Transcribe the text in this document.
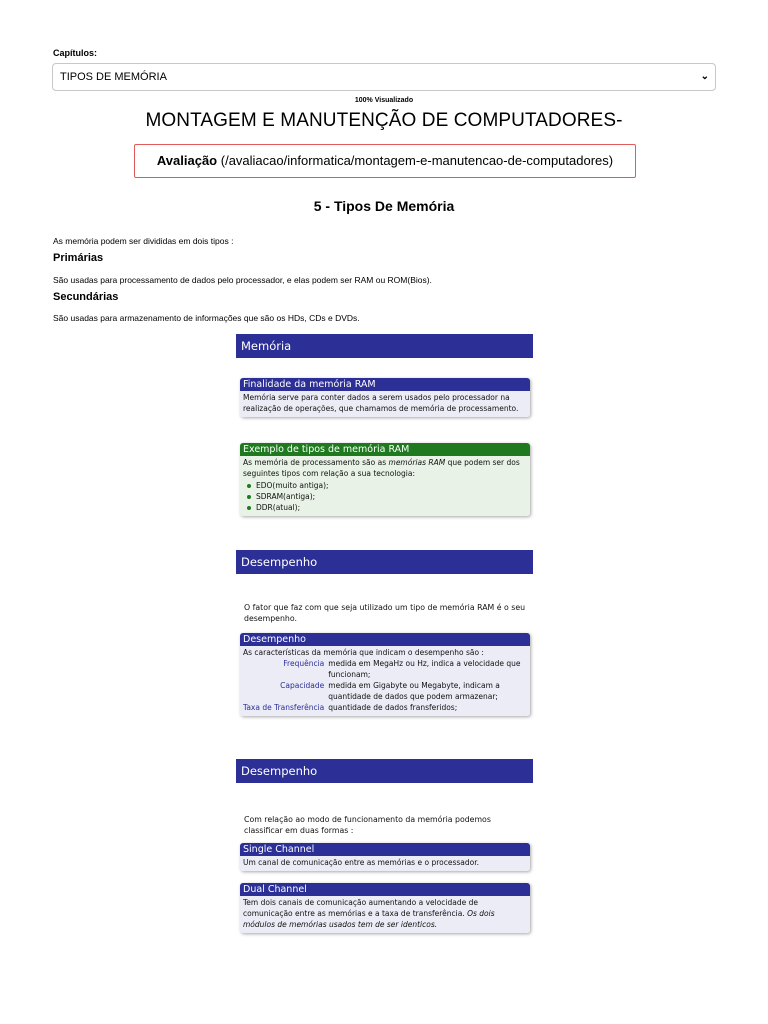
Capítulos:
TIPOS DE MEMÓRIA	⌄
100% Visualizado
MONTAGEM E MANUTENÇÃO DE COMPUTADORES-
Avaliação (/avaliacao/informatica/montagem-e-manutencao-de-computadores)
5 - Tipos De Memória
As memória podem ser divididas em dois tipos :
Primárias
São usadas para processamento de dados pelo processador, e elas podem ser RAM ou ROM(Bios).
Secundárias
São usadas para armazenamento de informações que são os HDs, CDs e DVDs.
Memória
Finalidade da memória RAM
Memória serve para conter dados a serem usados pelo processador na realização de operações, que chamamos de memória de processamento.
Exemplo de tipos de memória RAM
As memória de processamento são as memórias RAM que podem ser dos seguintes tipos com relação a sua tecnologia:
EDO(muito antiga);
SDRAM(antiga);
DDR(atual);
Desempenho
O fator que faz com que seja utilizado um tipo de memória RAM é o seu desempenho.
Desempenho
As características da memória que indicam o desempenho são :
Frequência medida em MegaHz ou Hz, indica a velocidade que funcionam;
Capacidade medida em Gigabyte ou Megabyte, indicam a quantidade de dados que podem armazenar;
Taxa de Transferência quantidade de dados fransferidos;
Desempenho
Com relação ao modo de funcionamento da memória podemos classificar em duas formas :
Single Channel
Um canal de comunicação entre as memórias e o processador.
Dual Channel
Tem dois canais de comunicação aumentando a velocidade de comunicação entre as memórias e a taxa de transferência. Os dois módulos de memórias usados tem de ser identicos.
